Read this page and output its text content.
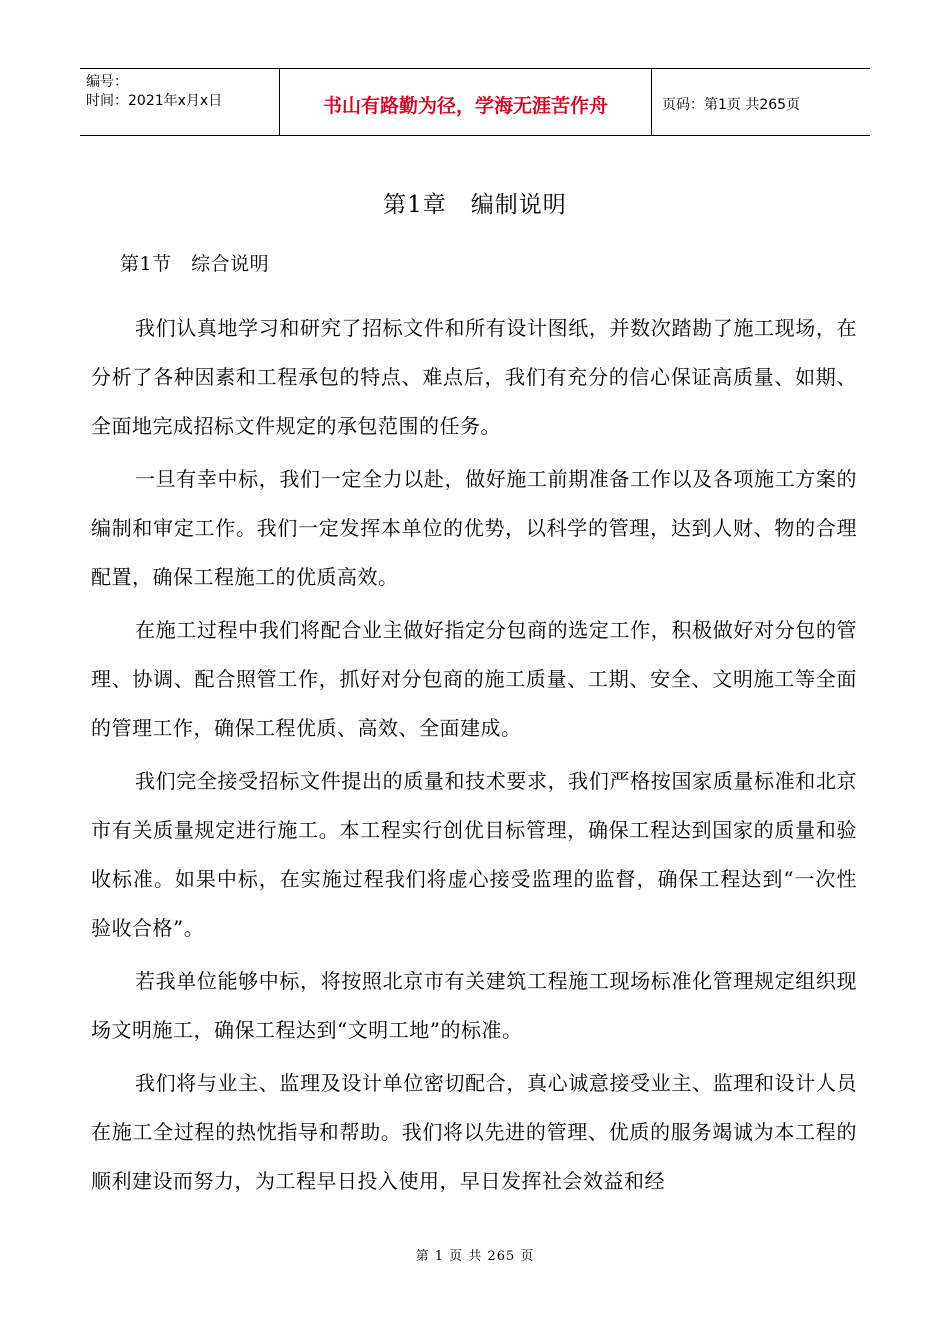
编号：
时间：2021年x月x日	书山有路勤为径，学海无涯苦作舟	页码：第1页 共265页
第1章　编制说明
第1节　综合说明

我们认真地学习和研究了招标文件和所有设计图纸，并数次踏勘了施工现场，在分析了各种因素和工程承包的特点、难点后，我们有充分的信心保证高质量、如期、全面地完成招标文件规定的承包范围的任务。

一旦有幸中标，我们一定全力以赴，做好施工前期准备工作以及各项施工方案的编制和审定工作。我们一定发挥本单位的优势，以科学的管理，达到人财、物的合理配置，确保工程施工的优质高效。

在施工过程中我们将配合业主做好指定分包商的选定工作，积极做好对分包的管理、协调、配合照管工作，抓好对分包商的施工质量、工期、安全、文明施工等全面的管理工作，确保工程优质、高效、全面建成。

我们完全接受招标文件提出的质量和技术要求，我们严格按国家质量标准和北京市有关质量规定进行施工。本工程实行创优目标管理，确保工程达到国家的质量和验收标准。如果中标，在实施过程我们将虚心接受监理的监督，确保工程达到“一次性验收合格”。

若我单位能够中标，将按照北京市有关建筑工程施工现场标准化管理规定组织现场文明施工，确保工程达到“文明工地”的标准。

我们将与业主、监理及设计单位密切配合，真心诚意接受业主、监理和设计人员在施工全过程的热忱指导和帮助。我们将以先进的管理、优质的服务竭诚为本工程的顺利建设而努力，为工程早日投入使用，早日发挥社会效益和经

第 1 页 共 265 页
